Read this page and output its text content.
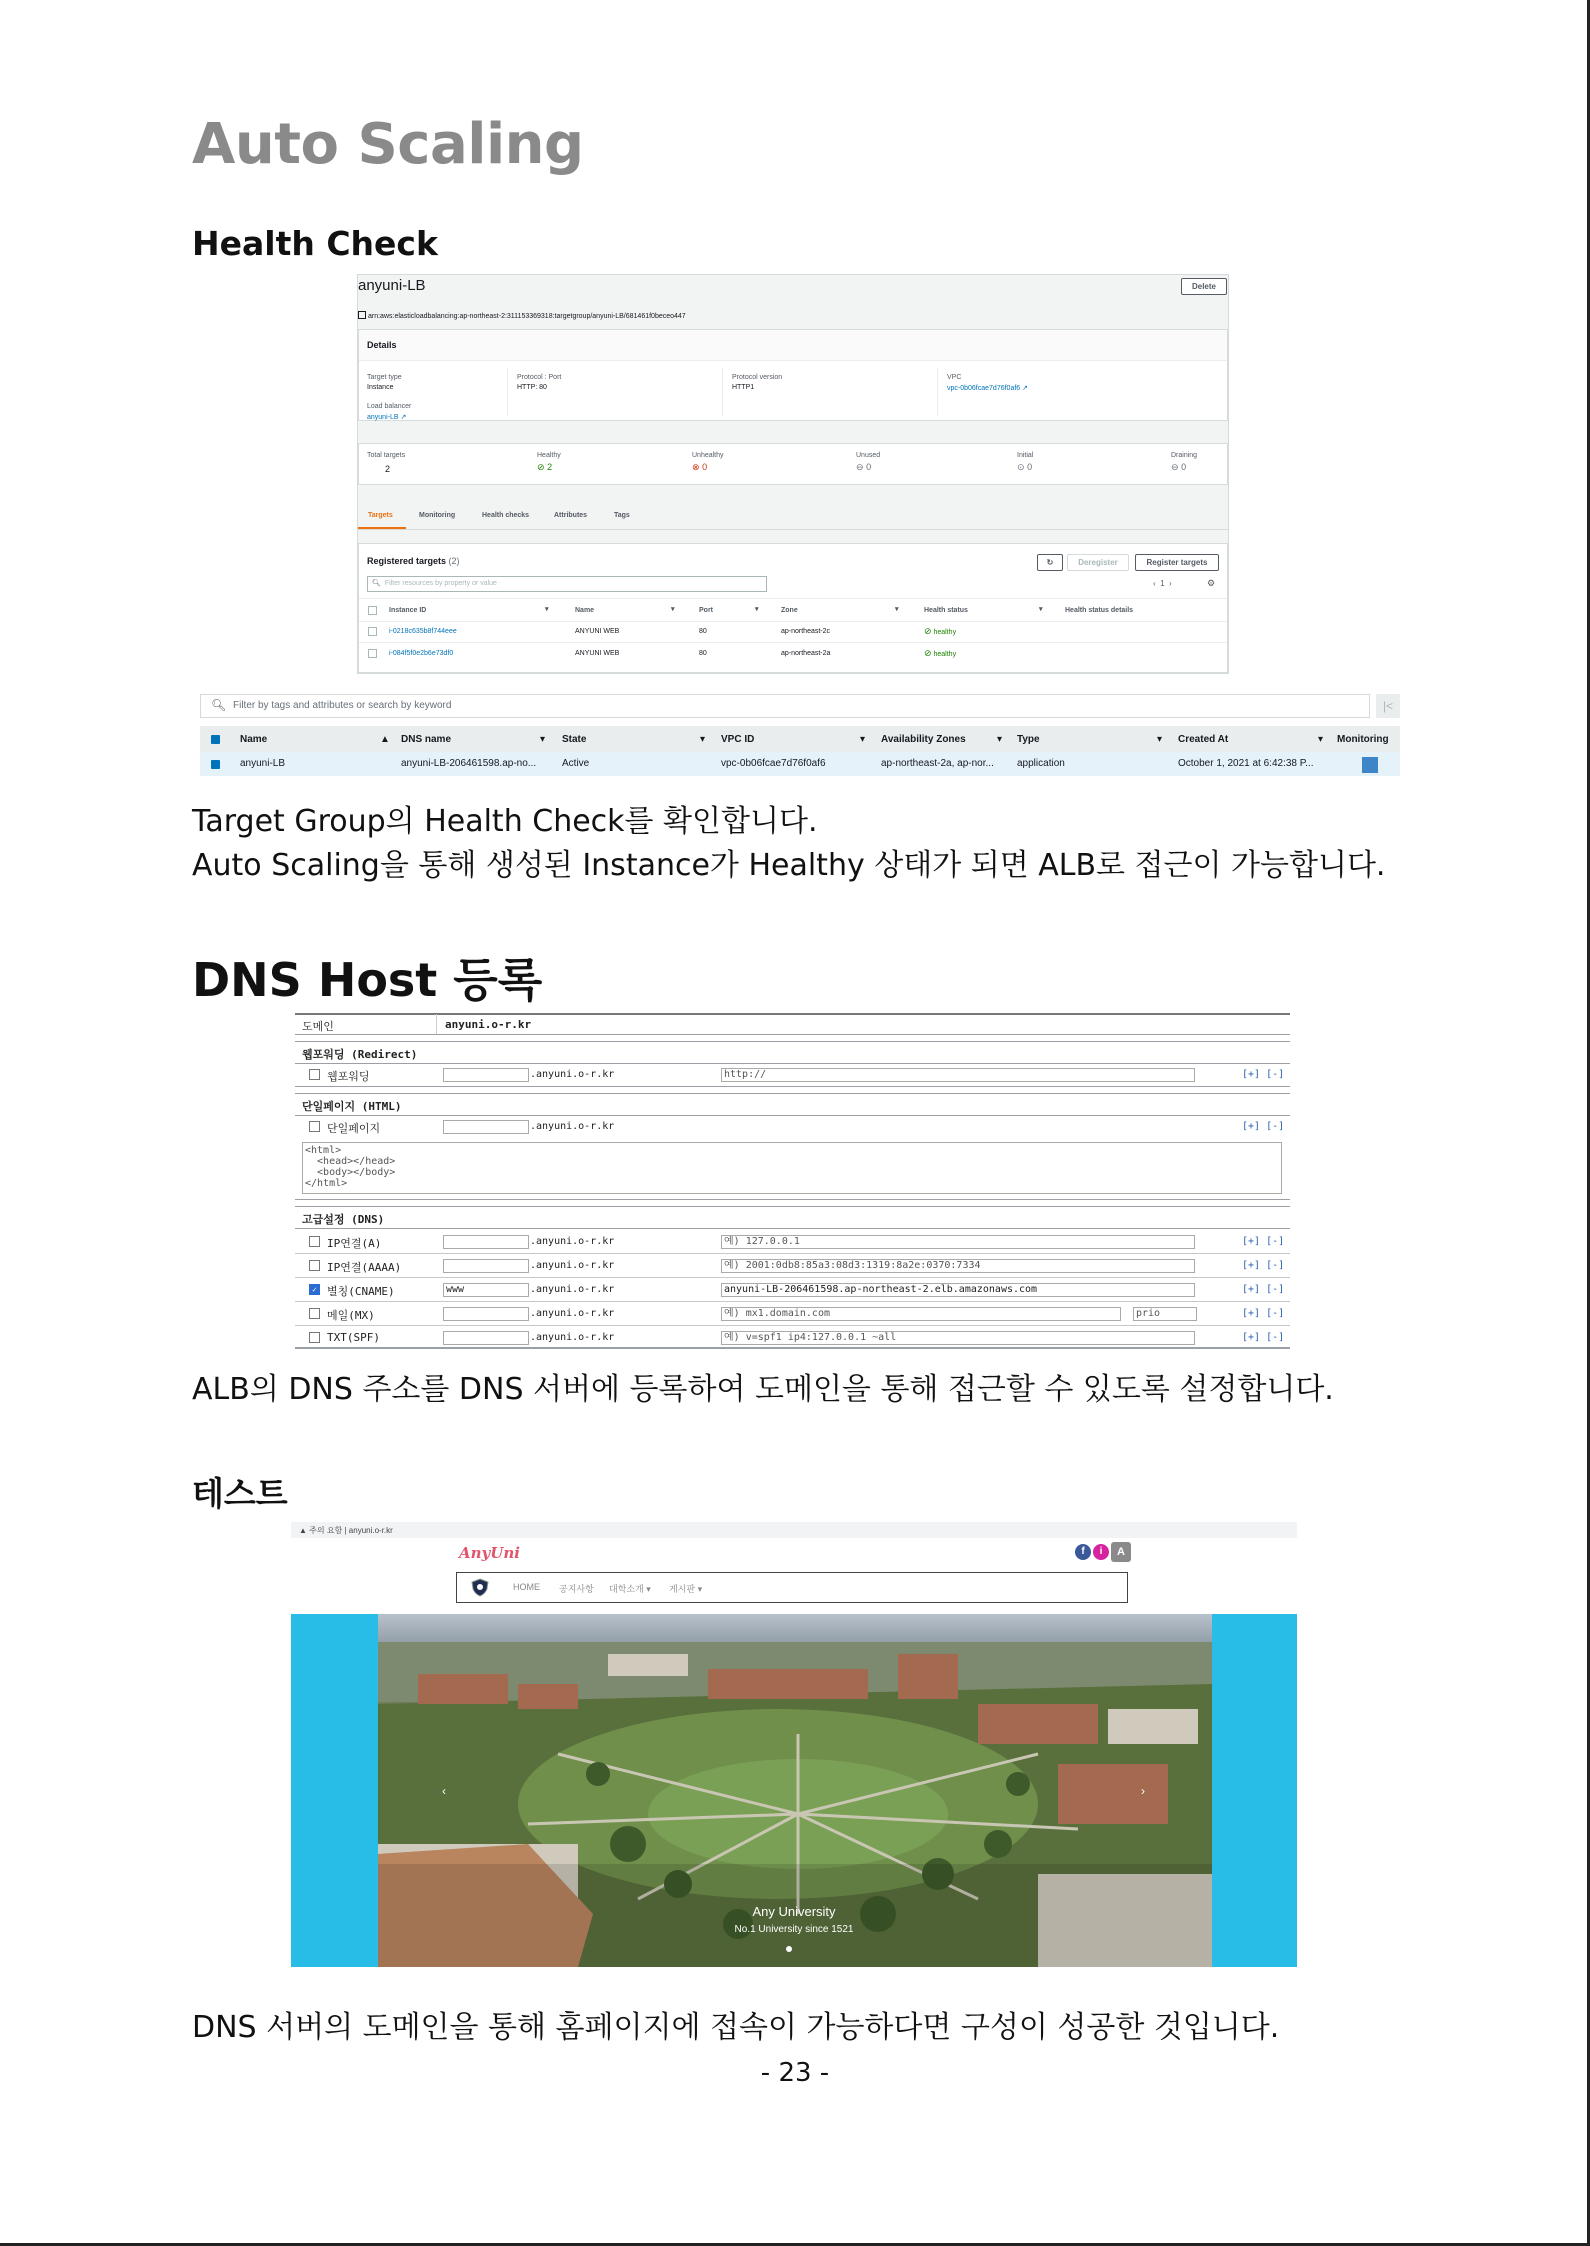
Auto Scaling
Health Check
anyuni-LB	Delete
arn:aws:elasticloadbalancing:ap-northeast-2:311153369318:targetgroup/anyuni-LB/681461f0beceo447
Details
Target type
Instance
Load balancer
anyuni-LB ↗
Protocol : Port
HTTP: 80
Protocol version
HTTP1
VPC
vpc-0b06fcae7d76f0af6 ↗
Total targets
2
Healthy
⊘ 2
Unhealthy
⊗ 0
Unused
⊖ 0
Initial
⊙ 0
Draining
⊖ 0
Targets	Monitoring	Health checks	Attributes	Tags
Registered targets (2)	↻	Deregister	Register targets
🔍︎ Filter resources by property or value	‹  1  ›	⚙
Instance ID	▾	Name	▾	Port	▾	Zone	▾	Health status	▾	Health status details
i-0218c635b8f744eee	ANYUNI WEB	80	ap-northeast-2c	⊘ healthy
i-084f5f0e2b6e73df0	ANYUNI WEB	80	ap-northeast-2a	⊘ healthy
🔍︎ Filter by tags and attributes or search by keyword	|<
Name	▲ DNS name	▾ State	▾ VPC ID	▾ Availability Zones	▾ Type	▾ Created At	▾ Monitoring
anyuni-LB	anyuni-LB-206461598.ap-no...	Active	vpc-0b06fcae7d76f0af6	ap-northeast-2a, ap-nor... application	October 1, 2021 at 6:42:38 P...
Target Group의 Health Check를 확인합니다.
Auto Scaling을 통해 생성된 Instance가 Healthy 상태가 되면 ALB로 접근이 가능합니다.
DNS Host 등록
도메인	anyuni.o-r.kr
웹포워딩 (Redirect)
웹포워딩	.anyuni.o-r.kr	http://	[+] [-]
단일페이지 (HTML)
단일페이지	.anyuni.o-r.kr	[+] [-]
<html>
<head></head>
<body></body>
</html>
고급설정 (DNS)
IP연결(A)	.anyuni.o-r.kr	예) 127.0.0.1	[+] [-]
IP연결(AAAA)	.anyuni.o-r.kr	예) 2001:0db8:85a3:08d3:1319:8a2e:0370:7334	[+] [-]
✓ 별칭(CNAME)	www	.anyuni.o-r.kr	anyuni-LB-206461598.ap-northeast-2.elb.amazonaws.com	[+] [-]
메일(MX)	.anyuni.o-r.kr	예) mx1.domain.com	prio	[+] [-]
TXT(SPF)	.anyuni.o-r.kr	예) v=spf1 ip4:127.0.0.1 ~all	[+] [-]
ALB의 DNS 주소를 DNS 서버에 등록하여 도메인을 통해 접근할 수 있도록 설정합니다.
테스트
▲ 주의 요함 | anyuni.o-r.kr
AnyUni	f	i	A
HOME 공지사항 대학소개 ▾ 게시판 ▾
Any University
No.1 University since 1521
‹	›
DNS 서버의 도메인을 통해 홈페이지에 접속이 가능하다면 구성이 성공한 것입니다.
- 23 -
